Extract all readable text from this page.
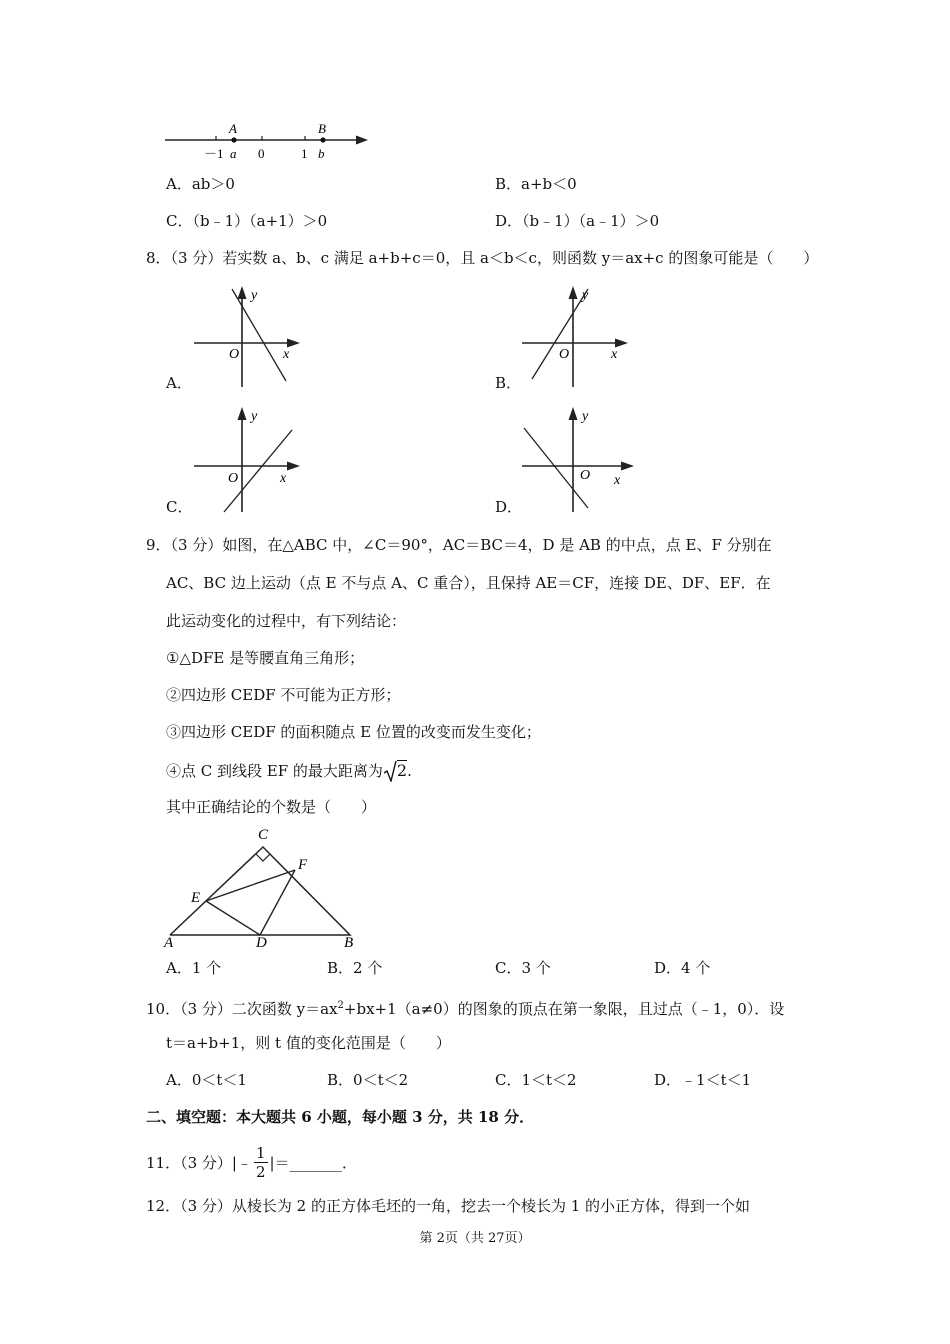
A	B
－1 a 0	1 b
A．ab＞0	B．a+b＜0
C．（b﹣1）（a+1）＞0	D．（b﹣1）（a﹣1）＞0
8．（3 分）若实数 a、b、c 满足 a+b+c＝0，且 a＜b＜c，则函数 y＝ax+c 的图象可能是（　　）
y
O	x
A．
y
O	x
B．
y
O	x
C．
y
O x
D．
9．（3 分）如图，在△ABC 中，∠C＝90°，AC＝BC＝4，D 是 AB 的中点，点 E、F 分别在
AC、BC 边上运动（点 E 不与点 A、C 重合），且保持 AE＝CF，连接 DE、DF、EF．在
此运动变化的过程中，有下列结论：
①△DFE 是等腰直角三角形；
②四边形 CEDF 不可能为正方形；
③四边形 CEDF 的面积随点 E 位置的改变而发生变化；
④点 C 到线段 EF 的最大距离为 2.
其中正确结论的个数是（　　）
C
F
E
A	D	B
A．1 个	B．2 个	C．3 个	D．4 个
10．（3 分）二次函数 $y=ax^2+bx+1(a\ne 0)$的图象的顶点在第一象限，且过点（﹣1，0）．设
t＝a+b+1，则 t 值的变化范围是（　　）
A．0＜t＜1	B．0＜t＜2	C．1＜t＜2	D．﹣1＜t＜1
二、填空题：本大题共 6 小题，每小题 3 分，共 18 分．
11．（3 分）|﹣ $\frac{1}{2}$ |＝_______．
12．（3 分）从棱长为 2 的正方体毛坯的一角，挖去一个棱长为 1 的小正方体，得到一个如
第 2页（共 27页）
